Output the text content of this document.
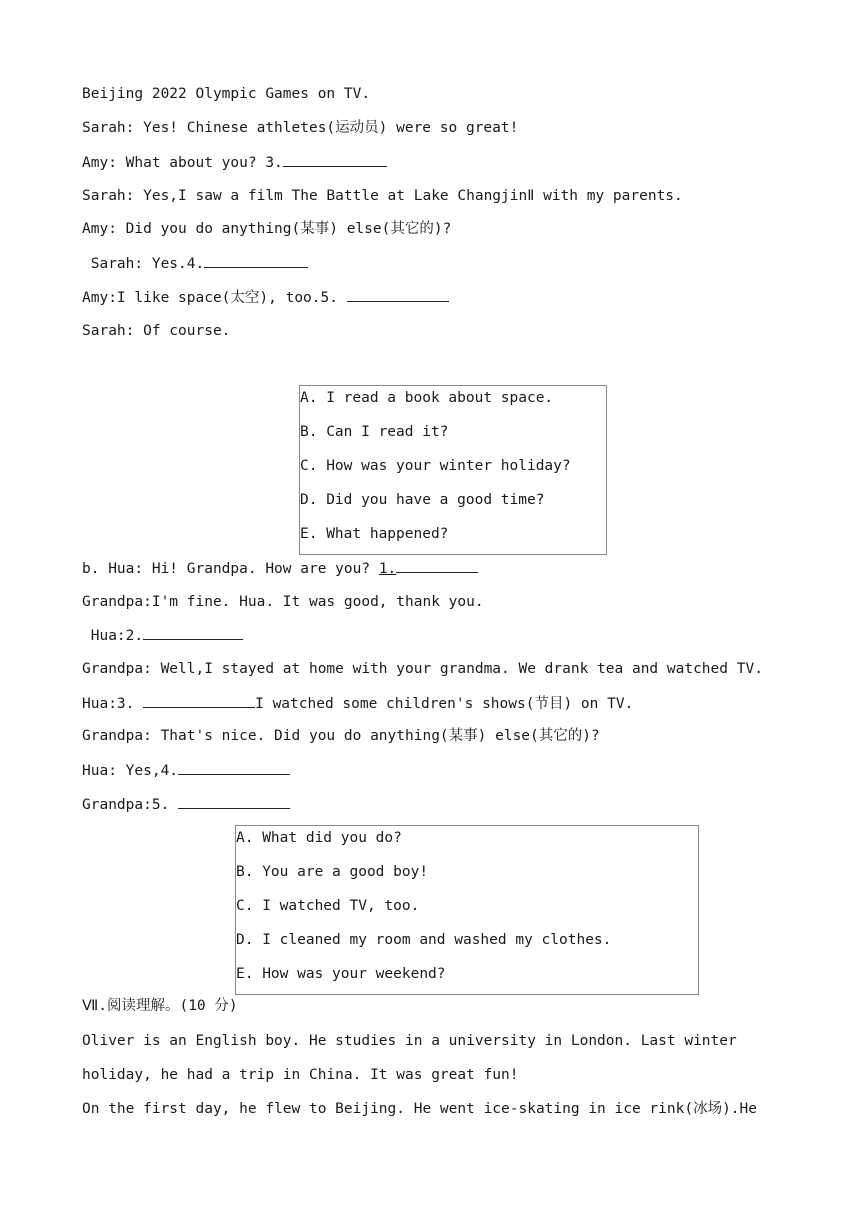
Beijing 2022 Olympic Games on TV.
Sarah: Yes! Chinese athletes(运动员) were so great!
Amy: What about you? 3.
Sarah: Yes,I saw a film The Battle at Lake ChangjinⅡ with my parents.
Amy: Did you do anything(某事) else(其它的)?
Sarah: Yes.4.
Amy:I like space(太空), too.5.
Sarah: Of course.
A. I read a book about space.
B. Can I read it?
C. How was your winter holiday?
D. Did you have a good time?
E. What happened?
b. Hua: Hi! Grandpa. How are you? 1.
Grandpa:I'm fine. Hua. It was good, thank you.
Hua:2.
Grandpa: Well,I stayed at home with your grandma. We drank tea and watched TV.
Hua:3.	I watched some children's shows(节目) on TV.
Grandpa: That's nice. Did you do anything(某事) else(其它的)?
Hua: Yes,4.
Grandpa:5.
A. What did you do?
B. You are a good boy!
C. I watched TV, too.
D. I cleaned my room and washed my clothes.
E. How was your weekend?
Ⅶ.阅读理解。(10 分)
Oliver is an English boy. He studies in a university in London. Last winter
holiday, he had a trip in China. It was great fun!
On the first day, he flew to Beijing. He went ice-skating in ice rink(冰场).He
